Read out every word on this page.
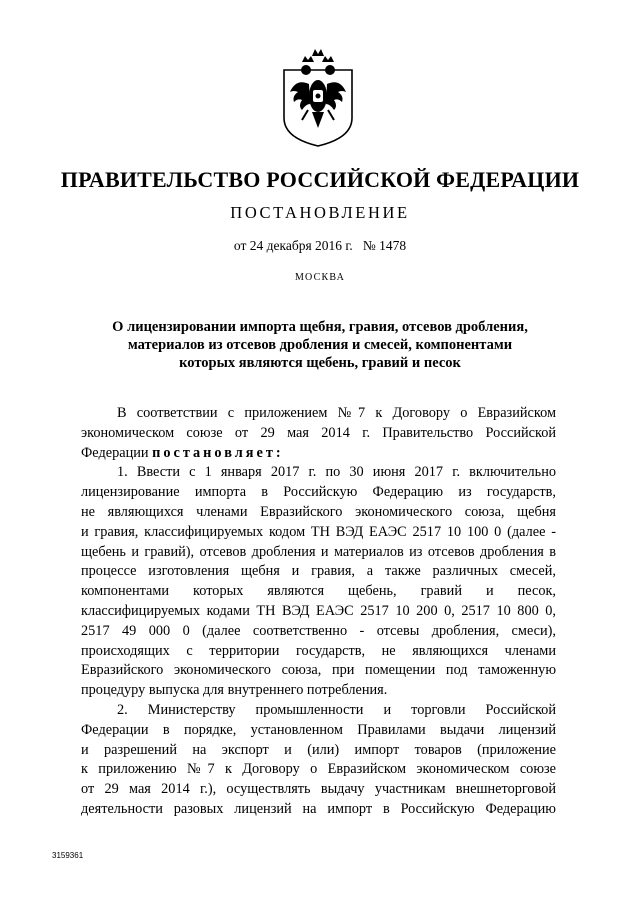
ПРАВИТЕЛЬСТВО РОССИЙСКОЙ ФЕДЕРАЦИИ
ПОСТАНОВЛЕНИЕ
от 24 декабря 2016 г. № 1478
МОСКВА
О лицензировании импорта щебня, гравия, отсевов дробления,
материалов из отсевов дробления и смесей, компонентами
которых являются щебень, гравий и песок
В соответствии с приложением №7 к Договору о Евразийском
экономическом союзе от 29 мая 2014 г. Правительство Российской
Федерации постановляет:
1. Ввести с 1 января 2017 г. по 30 июня 2017 г. включительно
лицензирование импорта в Российскую Федерацию из государств,
не являющихся членами Евразийского экономического союза, щебня
и гравия, классифицируемых кодом ТН ВЭД ЕАЭС 2517 10 100 0 (далее -
щебень и гравий), отсевов дробления и материалов из отсевов дробления в
процессе изготовления щебня и гравия, а также различных смесей,
компонентами которых являются щебень, гравий и песок,
классифицируемых кодами ТН ВЭД ЕАЭС 2517 10 200 0, 2517 10 800 0,
2517 49 000 0 (далее соответственно - отсевы дробления, смеси),
происходящих с территории государств, не являющихся членами
Евразийского экономического союза, при помещении под таможенную
процедуру выпуска для внутреннего потребления.
2. Министерству промышленности и торговли Российской
Федерации в порядке, установленном Правилами выдачи лицензий
и разрешений на экспорт и (или) импорт товаров (приложение
к приложению №7 к Договору о Евразийском экономическом союзе
от 29 мая 2014 г.), осуществлять выдачу участникам внешнеторговой
деятельности разовых лицензий на импорт в Российскую Федерацию
3159361
